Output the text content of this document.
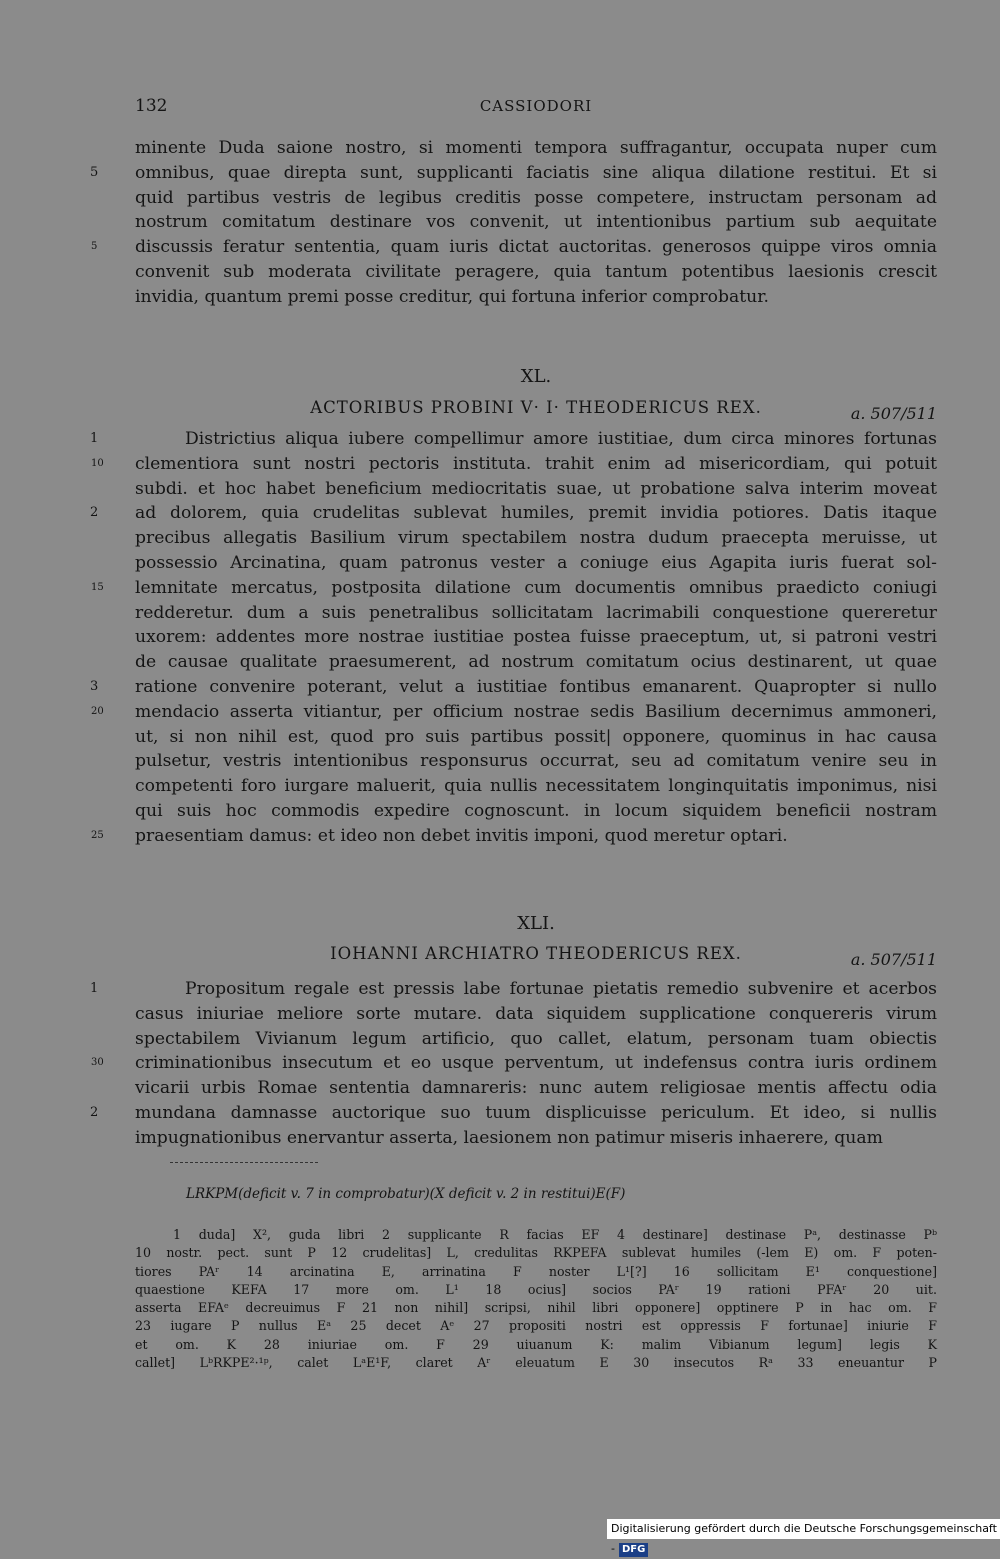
132	CASSIODORI
minente Duda saione nostro, si momenti tempora suffragantur, occupata nuper cum
5	omnibus, quae direpta sunt, supplicanti faciatis sine aliqua dilatione restitui. Et si
quid partibus vestris de legibus creditis posse competere, instructam personam ad
nostrum comitatum destinare vos convenit, ut intentionibus partium sub aequitate
5	discussis feratur sententia, quam iuris dictat auctoritas. generosos quippe viros omnia
convenit sub moderata civilitate peragere, quia tantum potentibus laesionis crescit
invidia, quantum premi posse creditur, qui fortuna inferior comprobatur.
XL.
ACTORIBUS PROBINI V· I· THEODERICUS REX.	a. 507/511
1	Districtius aliqua iubere compellimur amore iustitiae, dum circa minores fortunas
10	clementiora sunt nostri pectoris instituta. trahit enim ad misericordiam, qui potuit
subdi. et hoc habet beneficium mediocritatis suae, ut probatione salva interim moveat
2	ad dolorem, quia crudelitas sublevat humiles, premit invidia potiores. Datis itaque
precibus allegatis Basilium virum spectabilem nostra dudum praecepta meruisse, ut
possessio Arcinatina, quam patronus vester a coniuge eius Agapita iuris fuerat sol-
15	lemnitate mercatus, postposita dilatione cum documentis omnibus praedicto coniugi
redderetur. dum a suis penetralibus sollicitatam lacrimabili conquestione quereretur
uxorem: addentes more nostrae iustitiae postea fuisse praeceptum, ut, si patroni vestri
de causae qualitate praesumerent, ad nostrum comitatum ocius destinarent, ut quae
3	ratione convenire poterant, velut a iustitiae fontibus emanarent. Quapropter si nullo
20	mendacio asserta vitiantur, per officium nostrae sedis Basilium decernimus ammoneri,
ut, si non nihil est, quod pro suis partibus possit| opponere, quominus in hac causa
pulsetur, vestris intentionibus responsurus occurrat, seu ad comitatum venire seu in
competenti foro iurgare maluerit, quia nullis necessitatem longinquitatis imponimus, nisi
qui suis hoc commodis expedire cognoscunt. in locum siquidem beneficii nostram
25	praesentiam damus: et ideo non debet invitis imponi, quod meretur optari.
XLI.
IOHANNI ARCHIATRO THEODERICUS REX.	a. 507/511
1	Propositum regale est pressis labe fortunae pietatis remedio subvenire et acerbos
casus iniuriae meliore sorte mutare. data siquidem supplicatione conquereris virum
spectabilem Vivianum legum artificio, quo callet, elatum, personam tuam obiectis
30	criminationibus insecutum et eo usque perventum, ut indefensus contra iuris ordinem
vicarii urbis Romae sententia damnareris: nunc autem religiosae mentis affectu odia
2	mundana damnasse auctorique suo tuum displicuisse periculum. Et ideo, si nullis
impugnationibus enervantur asserta, laesionem non patimur miseris inhaerere, quam
LRKPM(deficit v. 7 in comprobatur)(X deficit v. 2 in restitui)E(F)
1 duda] X², guda libri 2 supplicante R facias EF 4 destinare] destinase Pᵃ, destinasse Pᵇ
10 nostr. pect. sunt P 12 crudelitas] L, credulitas RKPEFA sublevat humiles (-lem E) om. F poten-
tiores PAʳ 14 arcinatina E, arrinatina F noster L¹[?] 16 sollicitam E¹ conquestione]
quaestione KEFA 17 more om. L¹ 18 ocius] socios PAʳ 19 rationi PFAʳ 20 uit.
asserta EFAᵉ decreuimus F 21 non nihil] scripsi, nihil libri opponere] opptinere P in hac om. F
23 iugare P nullus Eᵃ 25 decet Aᵉ 27 propositi nostri est oppressis F fortunae] iniurie F
et om. K 28 iniuriae om. F 29 uiuanum K: malim Vibianum legum] legis K
callet] LᵇRKPE²·¹ᵖ, calet LᵃE¹F, claret Aʳ eleuatum E 30 insecutos Rᵃ 33 eneuantur P
Digitalisierung gefördert durch die Deutsche Forschungsgemeinschaft - DFG
